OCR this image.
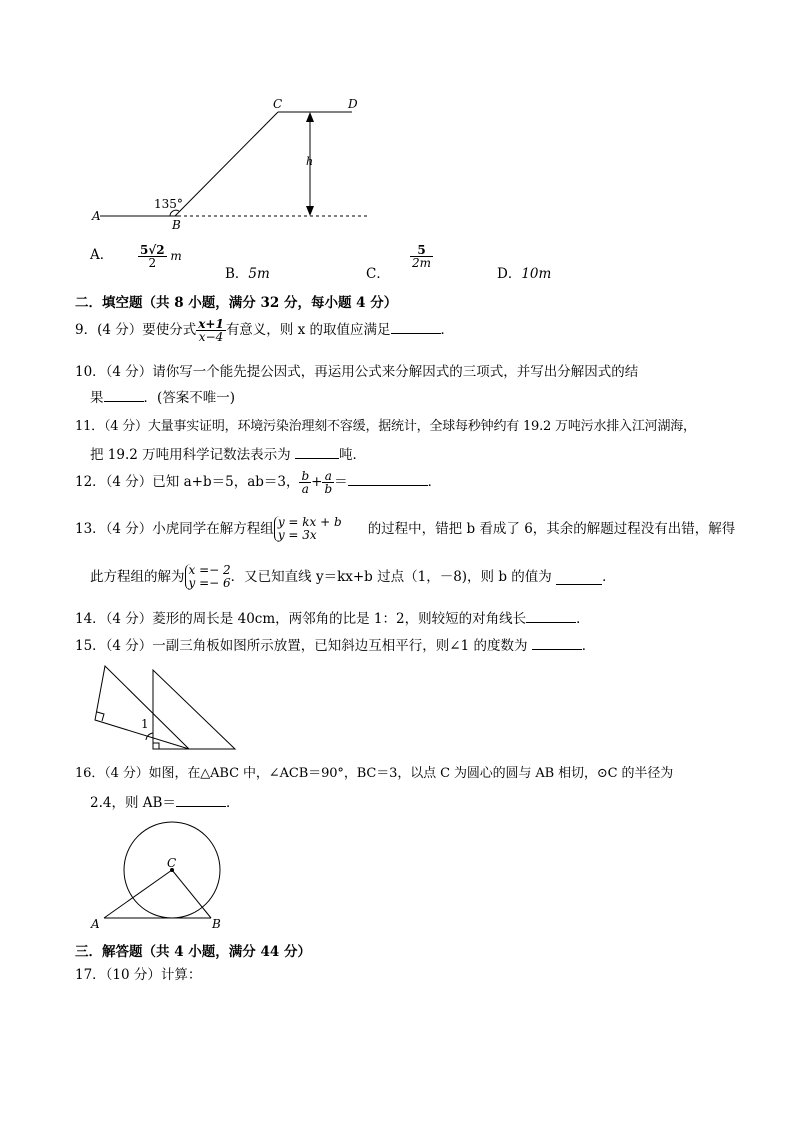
A
B
C	D
135°
h
A． $\frac{5√2}{2}$ m
B．5m	C．
$\frac{5}{2m}$
D．10m
二．填空题（共 8 小题，满分 32 分，每小题 4 分）
9．(4 分）要使分式 $\frac{x+1}{x-4}$ 有意义，则 x 的取值应满足	．
10．（4 分）请你写一个能先提公因式，再运用公式来分解因式的三项式，并写出分解因式的结
果	．(答案不唯一)
11．（4 分）大量事实证明，环境污染治理刻不容缓，据统计，全球每秒钟约有 19.2 万吨污水排入江河湖海，
把 19.2 万吨用科学记数法表示为	吨．
12．（4 分）已知 a+b＝5，ab＝3， $\frac{b}{a} + \frac{a}{b}$ ＝	．
13．（4 分）小虎同学在解方程组 y = kx + b
y = 3x	的过程中，错把 b 看成了 6，其余的解题过程没有出错，解得
此方程组的解为 x =− 2
y =− 6 ．又已知直线 y＝kx+b 过点（1，－8)，则 b 的值为	．
14．（4 分）菱形的周长是 40cm，两邻角的比是 1：2，则较短的对角线长	．
15．（4 分）一副三角板如图所示放置，已知斜边互相平行，则∠1 的度数为	．
1
16．（4 分）如图，在△ABC 中，∠ACB＝90°，BC＝3，以点 C 为圆心的圆与 AB 相切，⊙C 的半径为
2.4，则 AB＝	．
A	B
C
三．解答题（共 4 小题，满分 44 分）
17．（10 分）计算：
